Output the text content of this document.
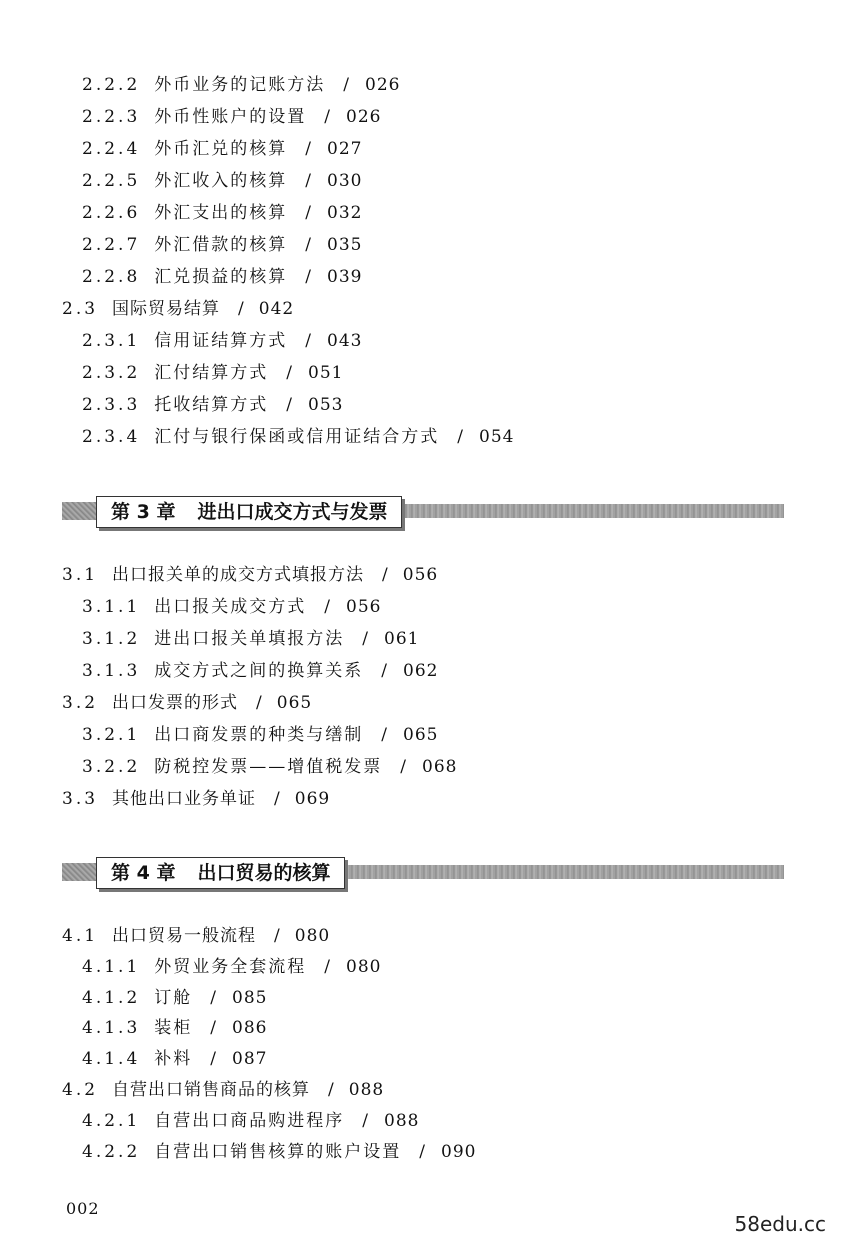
2.2.2 外币业务的记账方法 / 026
2.2.3 外币性账户的设置 / 026
2.2.4 外币汇兑的核算 / 027
2.2.5 外汇收入的核算 / 030
2.2.6 外汇支出的核算 / 032
2.2.7 外汇借款的核算 / 035
2.2.8 汇兑损益的核算 / 039
2.3 国际贸易结算 / 042
2.3.1 信用证结算方式 / 043
2.3.2 汇付结算方式 / 051
2.3.3 托收结算方式 / 053
2.3.4 汇付与银行保函或信用证结合方式 / 054
第 3 章 进出口成交方式与发票
3.1 出口报关单的成交方式填报方法 / 056
3.1.1 出口报关成交方式 / 056
3.1.2 进出口报关单填报方法 / 061
3.1.3 成交方式之间的换算关系 / 062
3.2 出口发票的形式 / 065
3.2.1 出口商发票的种类与缮制 / 065
3.2.2 防税控发票——增值税发票 / 068
3.3 其他出口业务单证 / 069
第 4 章 出口贸易的核算
4.1 出口贸易一般流程 / 080
4.1.1 外贸业务全套流程 / 080
4.1.2 订舱 / 085
4.1.3 装柜 / 086
4.1.4 补料 / 087
4.2 自营出口销售商品的核算 / 088
4.2.1 自营出口商品购进程序 / 088
4.2.2 自营出口销售核算的账户设置 / 090
002
58edu.cc
